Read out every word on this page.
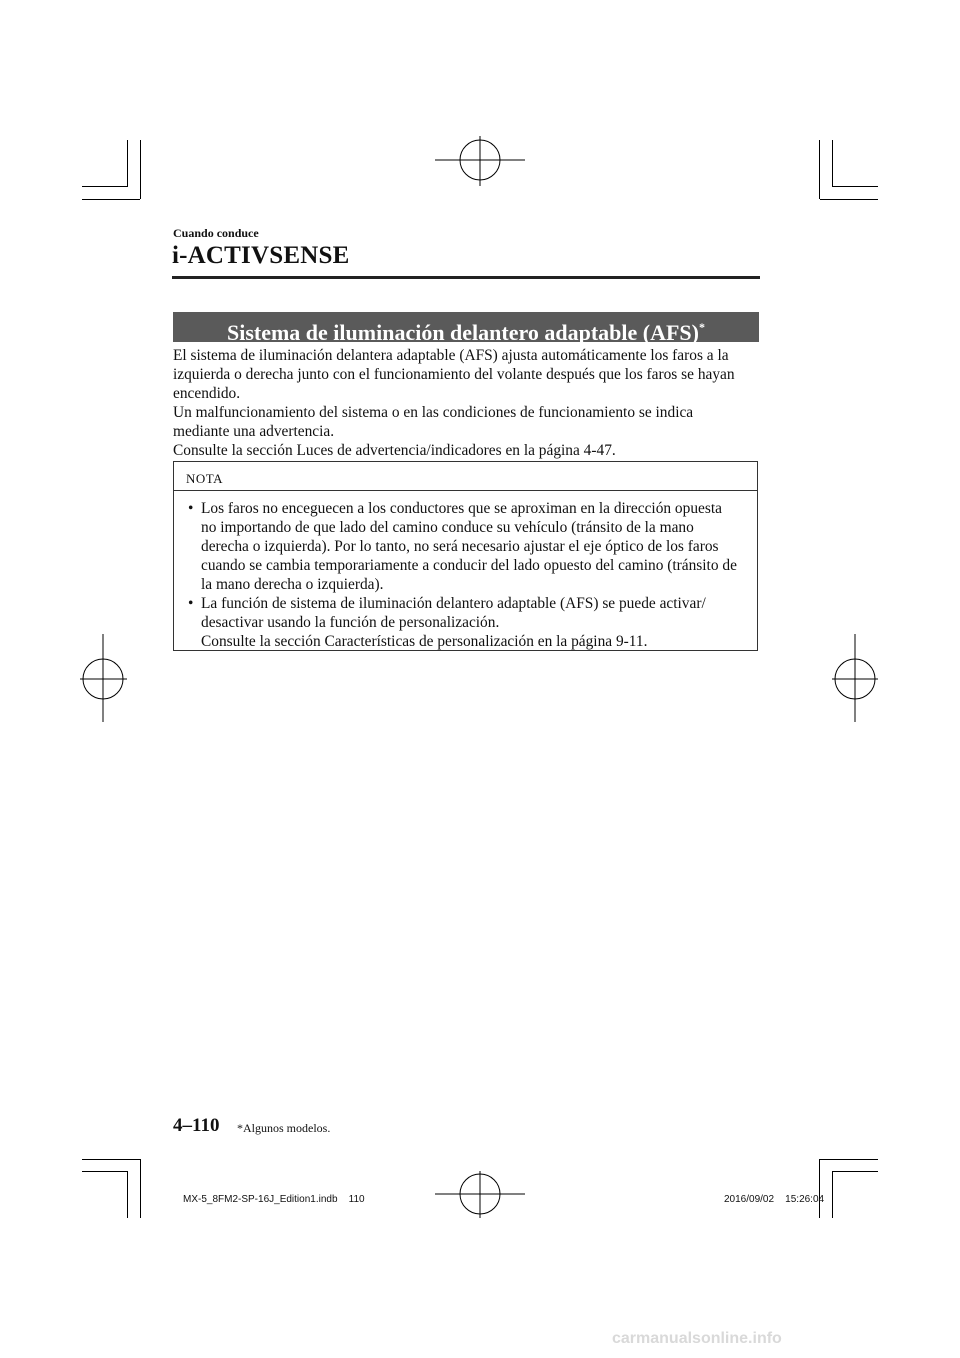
Cuando conduce
i-ACTIVSENSE
Sistema de iluminación delantero adaptable (AFS)*

El sistema de iluminación delantera adaptable (AFS) ajusta automáticamente los faros a la
izquierda o derecha junto con el funcionamiento del volante después que los faros se hayan
encendido.

Un malfuncionamiento del sistema o en las condiciones de funcionamiento se indica
mediante una advertencia.

Consulte la sección Luces de advertencia/indicadores en la página 4-47.

NOTA
• Los faros no enceguecen a los conductores que se aproximan en la dirección opuesta
no importando de que lado del camino conduce su vehículo (tránsito de la mano
derecha o izquierda). Por lo tanto, no será necesario ajustar el eje óptico de los faros
cuando se cambia temporariamente a conducir del lado opuesto del camino (tránsito de
la mano derecha o izquierda).
• La función de sistema de iluminación delantero adaptable (AFS) se puede activar/
desactivar usando la función de personalización.
Consulte la sección Características de personalización en la página 9-11.
4–110 *Algunos modelos.
MX-5_8FM2-SP-16J_Edition1.indb    110	2016/09/02    15:26:04
carmanualsonline.info
